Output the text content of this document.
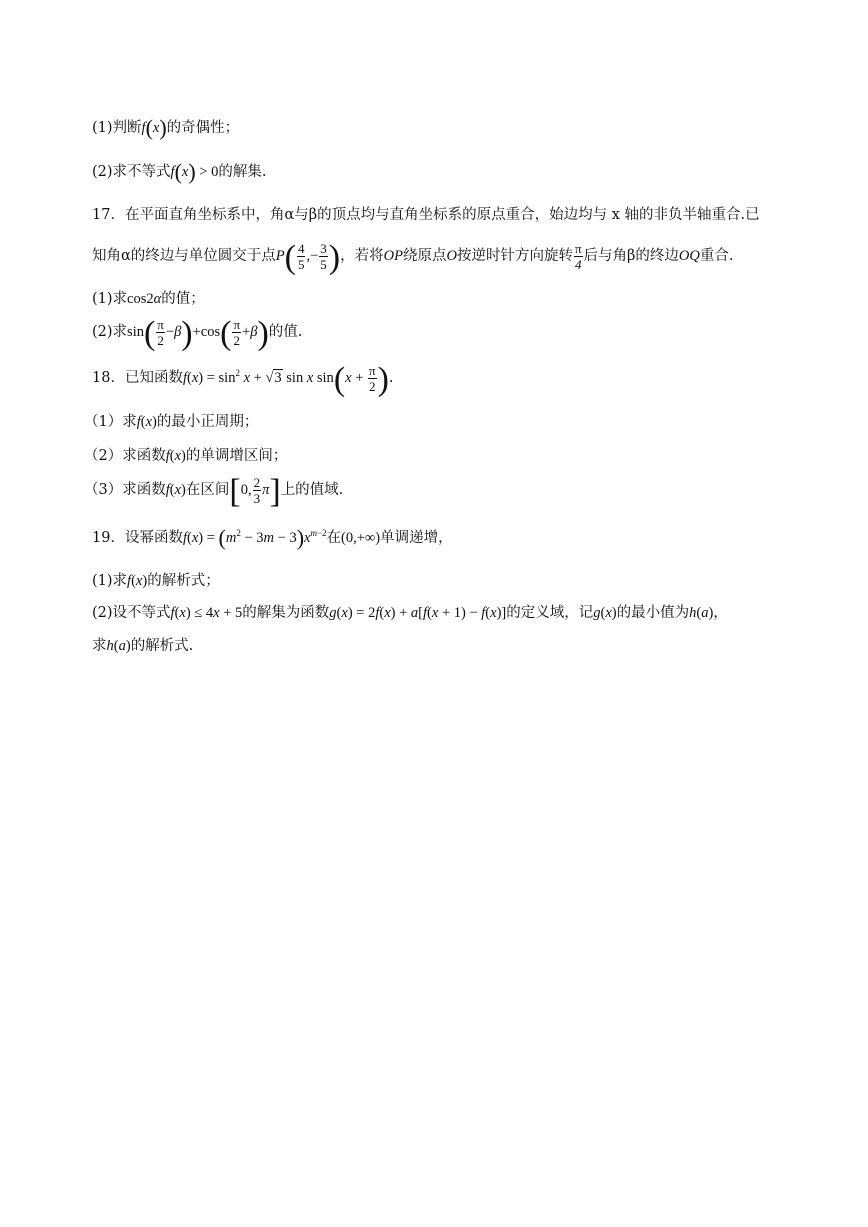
(1)判断f(x)的奇偶性；
(2)求不等式f(x) > 0的解集.
17．在平面直角坐标系中，角α与β的顶点均与直角坐标系的原点重合，始边均与 x 轴的非负半轴重合.已
知角α的终边与单位圆交于点$P( \frac{4}{5}$ ,− $\frac{3}{5}$ )，若将OP绕原点O按逆时针方向旋转 $\frac{\pi}{4}$ 后与角β的终边OQ重合.
(1)求cos2α的值；
(2)求$\sin( \frac{\pi}{2} -\beta)+\cos( \frac{\pi}{2} +\beta)$的值.
18．已知函数$f(x) = \sin^2 x + √3$ sin x $\sin(x + \frac{\pi}{2}$ ).
（1）求f(x)的最小正周期；
（2）求函数f(x)的单调增区间；
（3）求函数f(x)在区间[0, $\frac{2}{3} \pi$]上的值域.
19．设幂函数$f(x) = (m^2 - 3m - 3)x^{m-2}$在(0,+∞)单调递增，
(1)求f(x)的解析式；
(2)设不等式f(x) ≤ 4x + 5的解集为函数g(x) = 2f(x) + a[f(x + 1) − f(x)]的定义域，记g(x)的最小值为h(a)，
求h(a)的解析式.
